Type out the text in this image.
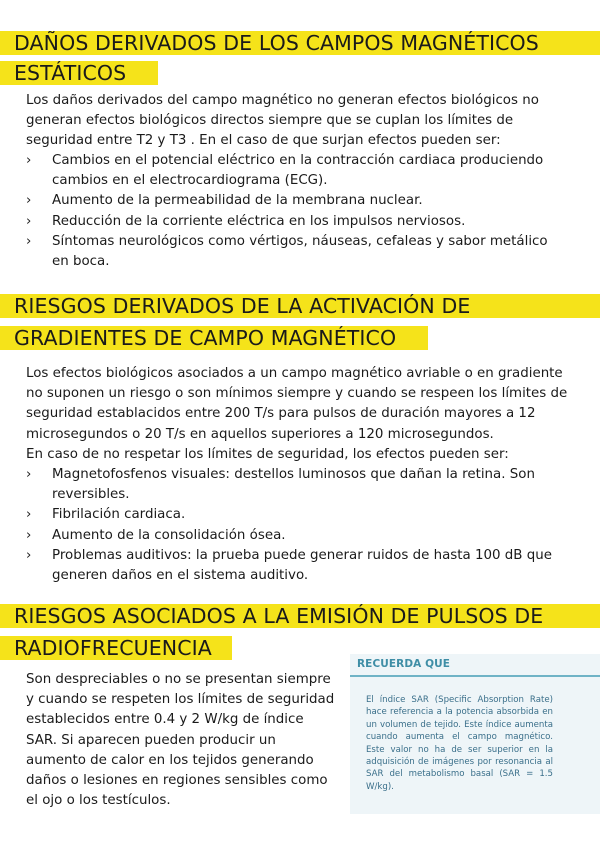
DAÑOS DERIVADOS DE LOS CAMPOS MAGNÉTICOS
ESTÁTICOS

Los daños derivados del campo magnético no generan efectos biológicos no generan efectos biológicos directos siempre que se cuplan los límites de seguridad entre T2 y T3 . En el caso de que surjan efectos pueden ser:

› Cambios en el potencial eléctrico en la contracción cardiaca produciendo cambios en el electrocardiograma (ECG).
› Aumento de la permeabilidad de la membrana nuclear.
› Reducción de la corriente eléctrica en los impulsos nerviosos.
› Síntomas neurológicos como vértigos, náuseas, cefaleas y sabor metálico en boca.
RIESGOS DERIVADOS DE LA ACTIVACIÓN DE
GRADIENTES DE CAMPO MAGNÉTICO

Los efectos biológicos asociados a un campo magnético avriable o en gradiente no suponen un riesgo o son mínimos siempre y cuando se respeen los límites de seguridad establacidos entre 200 T/s para pulsos de duración mayores a 12 microsegundos o 20 T/s en aquellos superiores a 120 microsegundos.

En caso de no respetar los límites de seguridad, los efectos pueden ser:

› Magnetofosfenos visuales: destellos luminosos que dañan la retina. Son reversibles.
› Fibrilación cardiaca.
› Aumento de la consolidación ósea.
› Problemas auditivos: la prueba puede generar ruidos de hasta 100 dB que generen daños en el sistema auditivo.
RIESGOS ASOCIADOS A LA EMISIÓN DE PULSOS DE
RADIOFRECUENCIA

Son despreciables o no se presentan siempre y cuando se respeten los límites de seguridad establecidos entre 0.4 y 2 W/kg de índice SAR. Si aparecen pueden producir un aumento de calor en los tejidos generando daños o lesiones en regiones sensibles como el ojo o los testículos.

RECUERDA QUE

El índice SAR (Specific Absorption Rate) hace referencia a la potencia absorbida en un volumen de tejido. Este índice aumenta cuando aumenta el campo magnético. Este valor no ha de ser superior en la adquisición de imágenes por resonancia al SAR del metabolismo basal (SAR = 1.5 W/kg).
